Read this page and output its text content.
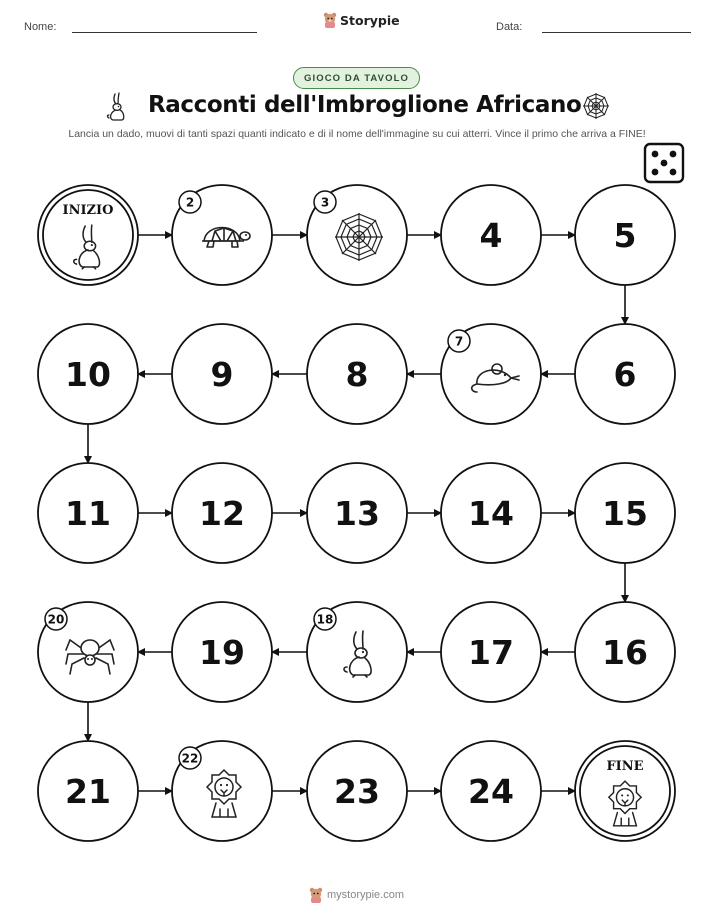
Nome:	Storypie	Data:
GIOCO DA TAVOLO
Racconti dell'Imbroglione Africano
Lancia un dado, muovi di tanti spazi quanti indicato e di il nome dell'immagine su cui atterri. Vince il primo che arriva a FINE!
INIZIO
2	3
4	5
6
7
8
9
10
11	12	13	14	15
16
17
18
19
20
21
22
23	24
FINE
mystorypie.com
